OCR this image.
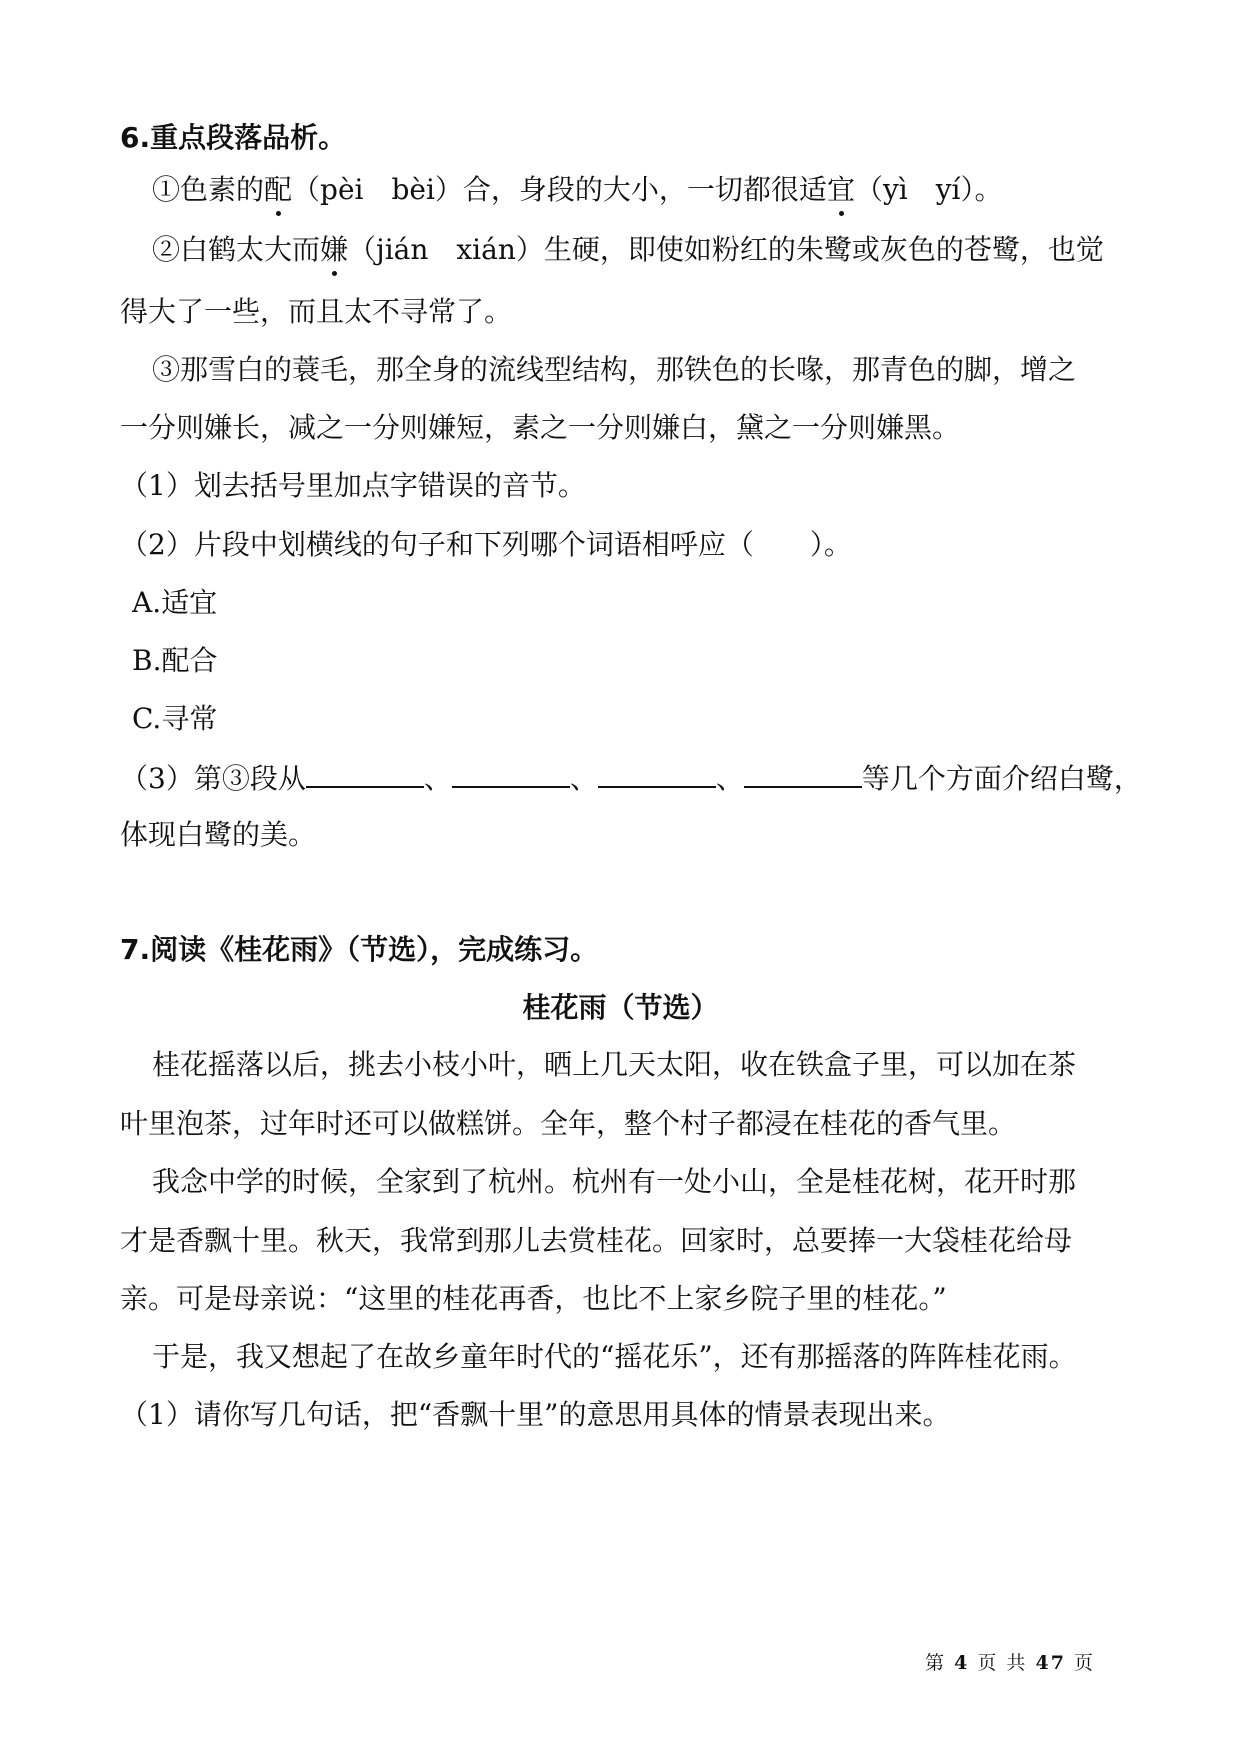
6.重点段落品析。
①色素的配（pèi　bèi）合，身段的大小，一切都很适宜（yì　yí）。
②白鹤太大而嫌（jián　xián）生硬，即使如粉红的朱鹭或灰色的苍鹭，也觉
得大了一些，而且太不寻常了。
③那雪白的蓑毛，那全身的流线型结构，那铁色的长喙，那青色的脚，增之
一分则嫌长，减之一分则嫌短，素之一分则嫌白，黛之一分则嫌黑。
（1）划去括号里加点字错误的音节。
（2）片段中划横线的句子和下列哪个词语相呼应（　　）。
A.适宜
B.配合
C.寻常
（3）第③段从	、	、	、	等几个方面介绍白鹭，
体现白鹭的美。
7.阅读《桂花雨》（节选），完成练习。
桂花雨（节选）
桂花摇落以后，挑去小枝小叶，晒上几天太阳，收在铁盒子里，可以加在茶
叶里泡茶，过年时还可以做糕饼。全年，整个村子都浸在桂花的香气里。
我念中学的时候，全家到了杭州。杭州有一处小山，全是桂花树，花开时那
才是香飘十里。秋天，我常到那儿去赏桂花。回家时，总要捧一大袋桂花给母
亲。可是母亲说：“这里的桂花再香，也比不上家乡院子里的桂花。”
于是，我又想起了在故乡童年时代的“摇花乐”，还有那摇落的阵阵桂花雨。
（1）请你写几句话，把“香飘十里”的意思用具体的情景表现出来。
第 4 页 共 47 页
